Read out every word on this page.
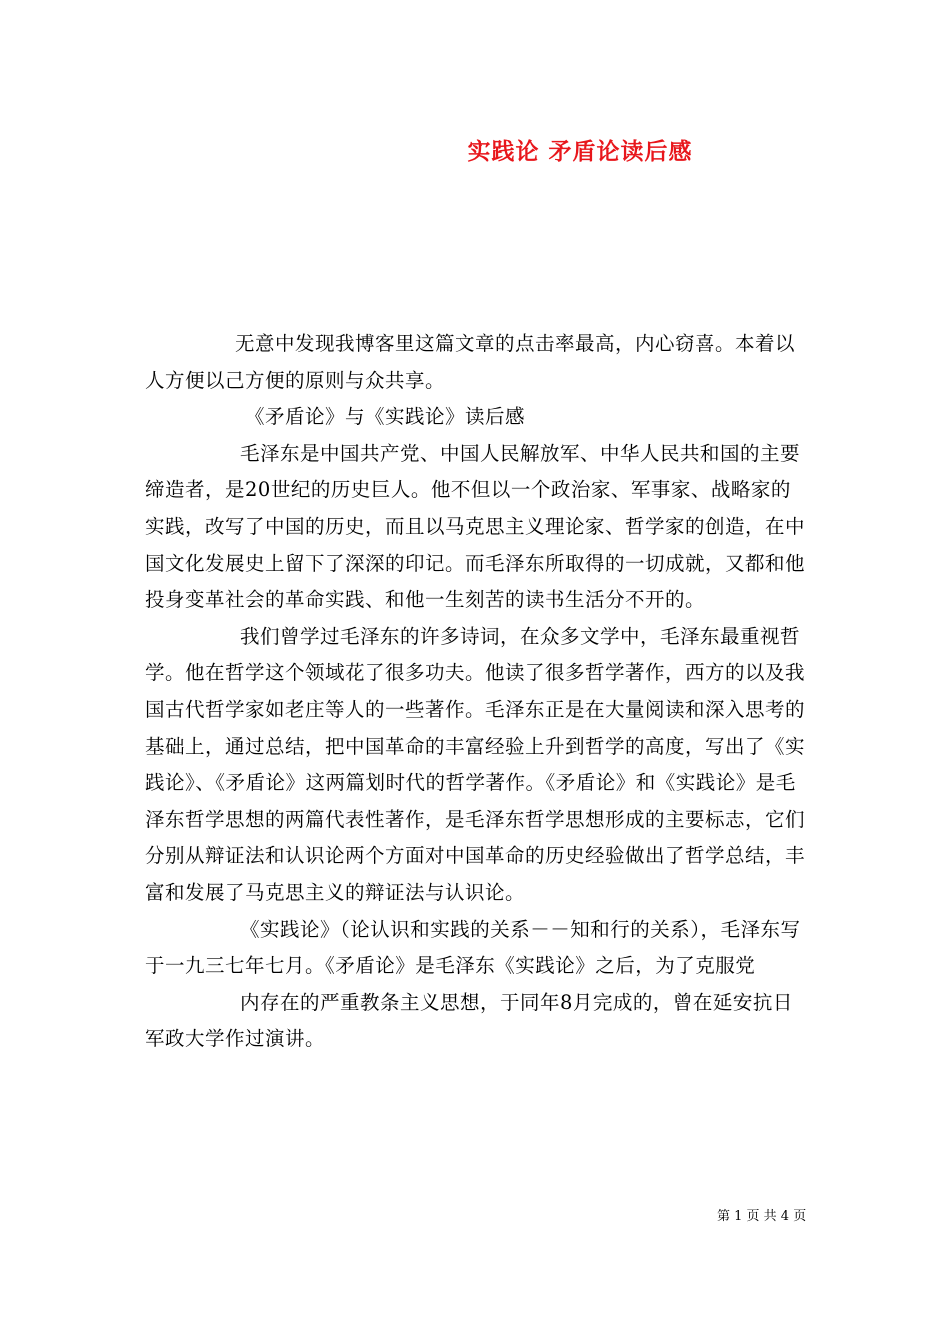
实践论 矛盾论读后感

无意中发现我博客里这篇文章的点击率最高，内心窃喜。本着以人方便以己方便的原则与众共享。

《矛盾论》与《实践论》读后感

毛泽东是中国共产党、中国人民解放军、中华人民共和国的主要缔造者，是20世纪的历史巨人。他不但以一个政治家、军事家、战略家的实践，改写了中国的历史，而且以马克思主义理论家、哲学家的创造，在中国文化发展史上留下了深深的印记。而毛泽东所取得的一切成就，又都和他投身变革社会的革命实践、和他一生刻苦的读书生活分不开的。

我们曾学过毛泽东的许多诗词，在众多文学中，毛泽东最重视哲学。他在哲学这个领域花了很多功夫。他读了很多哲学著作，西方的以及我国古代哲学家如老庄等人的一些著作。毛泽东正是在大量阅读和深入思考的基础上，通过总结，把中国革命的丰富经验上升到哲学的高度，写出了《实践论》、《矛盾论》这两篇划时代的哲学著作。《矛盾论》和《实践论》是毛泽东哲学思想的两篇代表性著作，是毛泽东哲学思想形成的主要标志，它们分别从辩证法和认识论两个方面对中国革命的历史经验做出了哲学总结，丰富和发展了马克思主义的辩证法与认识论。

《实践论》（论认识和实践的关系－－知和行的关系），毛泽东写于一九三七年七月。《矛盾论》是毛泽东《实践论》之后，为了克服党

内存在的严重教条主义思想，于同年8月完成的，曾在延安抗日军政大学作过演讲。

第 1 页 共 4 页
